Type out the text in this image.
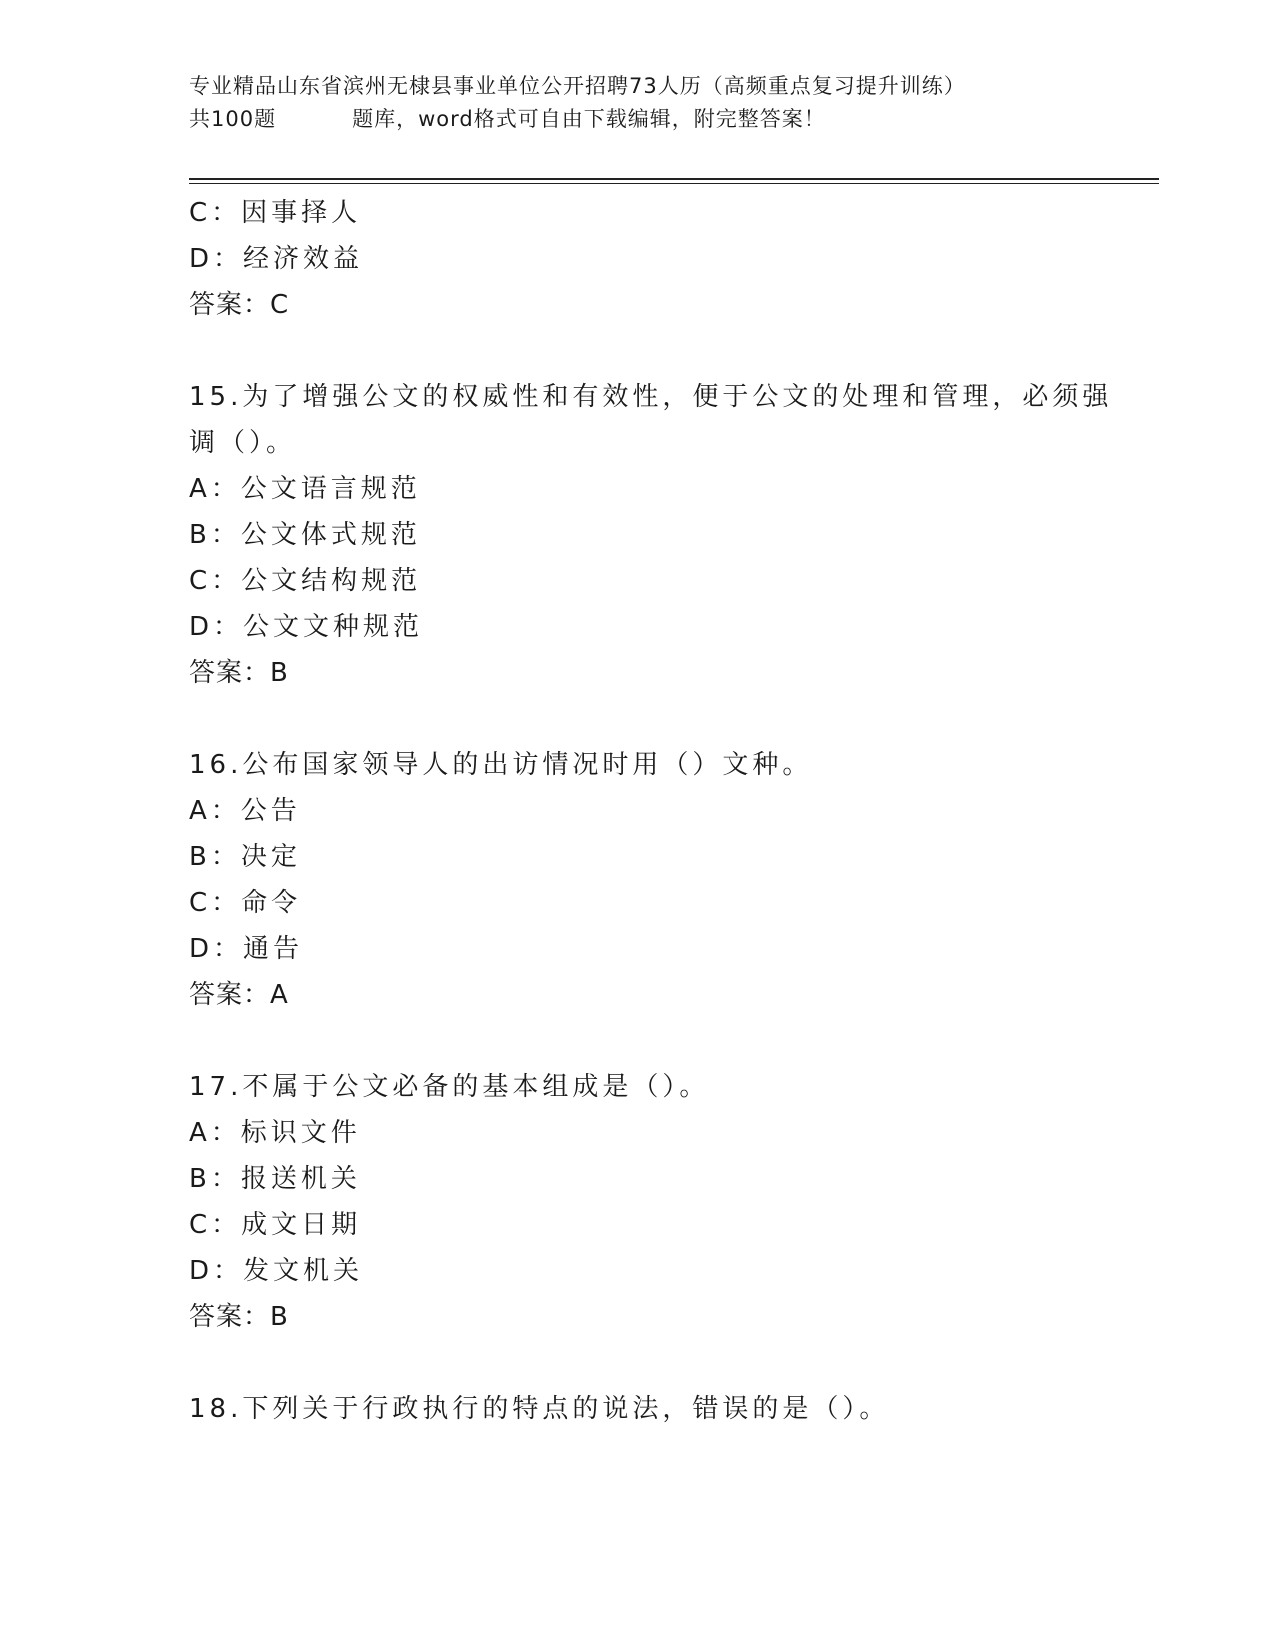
专业精品山东省滨州无棣县事业单位公开招聘73人历（高频重点复习提升训练）
共100题	题库，word格式可自由下载编辑，附完整答案！
C：因事择人
D：经济效益
答案：C
15.为了增强公文的权威性和有效性，便于公文的处理和管理，必须强
调（）。
A：公文语言规范
B：公文体式规范
C：公文结构规范
D：公文文种规范
答案：B
16.公布国家领导人的出访情况时用（）文种。
A：公告
B：决定
C：命令
D：通告
答案：A
17.不属于公文必备的基本组成是（）。
A：标识文件
B：报送机关
C：成文日期
D：发文机关
答案：B
18.下列关于行政执行的特点的说法，错误的是（）。
